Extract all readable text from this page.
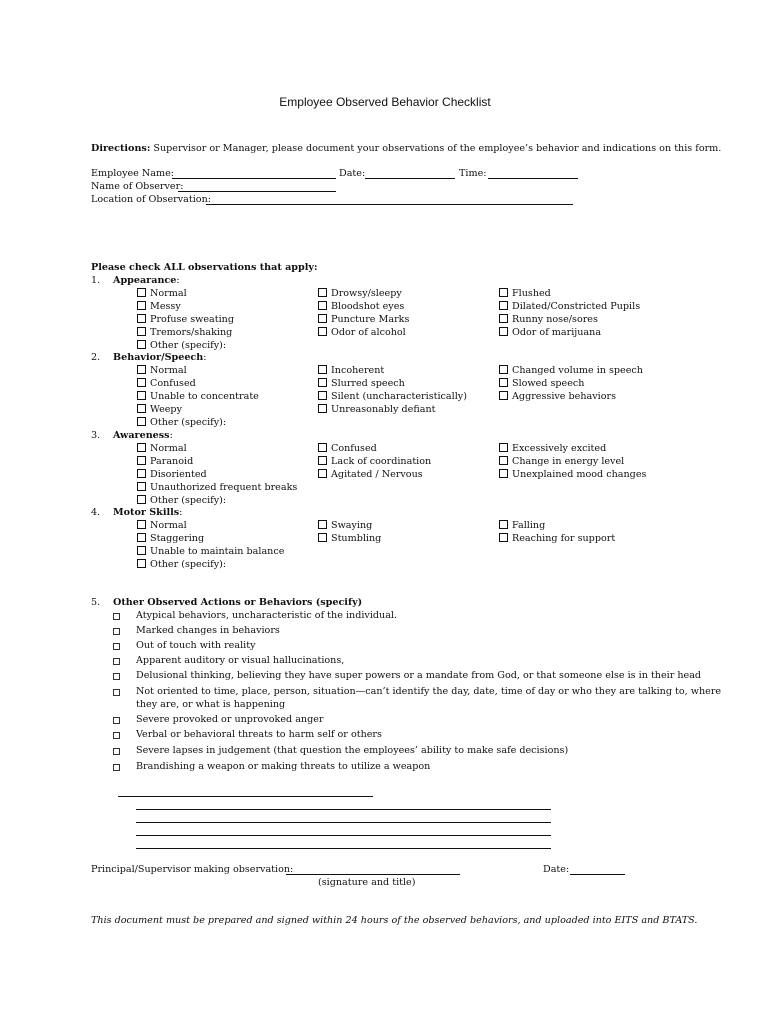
Employee Observed Behavior Checklist
Directions: Supervisor or Manager, please document your observations of the employee’s behavior and indications on this form.
Employee Name:	Date:	Time:
Name of Observer:
Location of Observation:
Please check ALL observations that apply:
1. Appearance:
Normal
Messy
Profuse sweating
Tremors/shaking
Other (specify):
Drowsy/sleepy
Bloodshot eyes
Puncture Marks
Odor of alcohol
Flushed
Dilated/Constricted Pupils
Runny nose/sores
Odor of marijuana
2. Behavior/Speech:
Normal
Confused
Unable to concentrate
Weepy
Other (specify):
Incoherent
Slurred speech
Silent (uncharacteristically)
Unreasonably defiant
Changed volume in speech
Slowed speech
Aggressive behaviors
3. Awareness:
Normal
Paranoid
Disoriented
Unauthorized frequent breaks
Other (specify):
Confused
Lack of coordination
Agitated / Nervous
Excessively excited
Change in energy level
Unexplained mood changes
4. Motor Skills:
Normal
Staggering
Unable to maintain balance
Other (specify):
Swaying
Stumbling
Falling
Reaching for support
5. Other Observed Actions or Behaviors (specify)
Atypical behaviors, uncharacteristic of the individual.
Marked changes in behaviors
Out of touch with reality
Apparent auditory or visual hallucinations,
Delusional thinking, believing they have super powers or a mandate from God, or that someone else is in their head
Not oriented to time, place, person, situation—can’t identify the day, date, time of day or who they are talking to, where
they are, or what is happening
Severe provoked or unprovoked anger
Verbal or behavioral threats to harm self or others
Severe lapses in judgement (that question the employees’ ability to make safe decisions)
Brandishing a weapon or making threats to utilize a weapon
Principal/Supervisor making observation:
(signature and title)
Date:
This document must be prepared and signed within 24 hours of the observed behaviors, and uploaded into EITS and BTATS.
